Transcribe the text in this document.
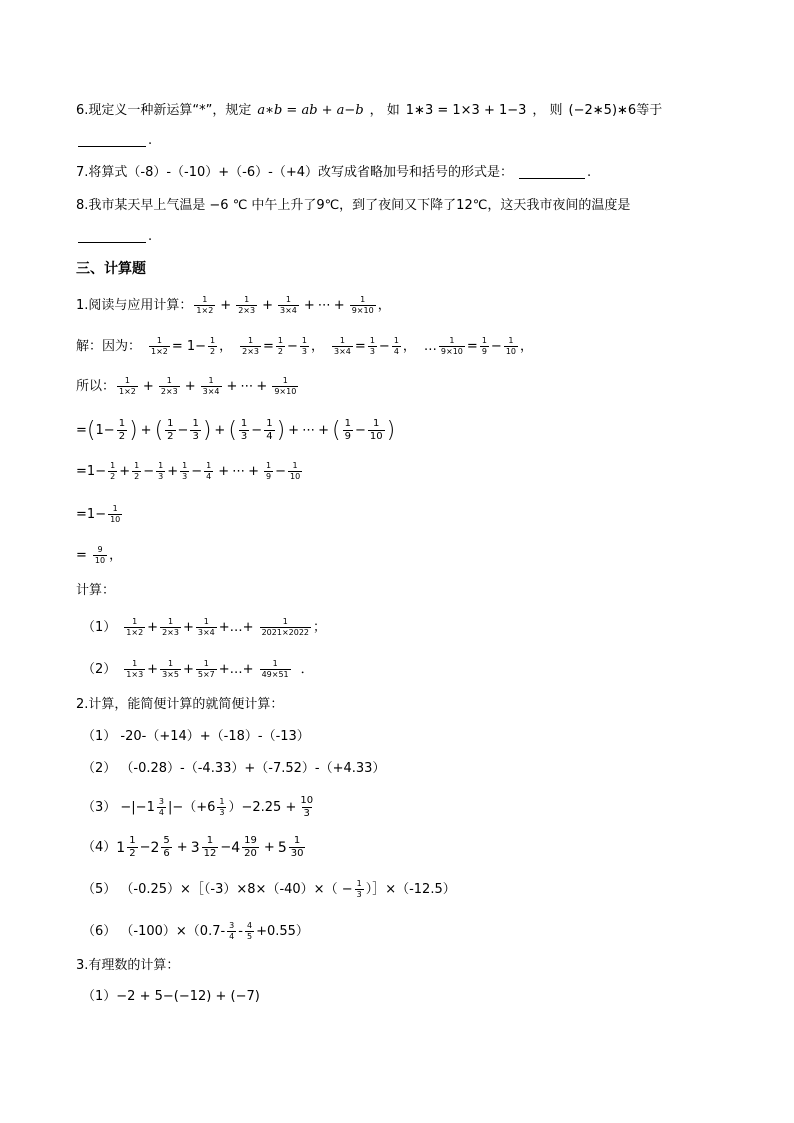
6.现定义一种新运算“*”，规定 a∗b = ab + a−b ， 如 1∗3 = 1×3 + 1−3 ， 则 (−2∗5)∗6 等于
.
7.将算式（-8）-（-10）+（-6）-（+4）改写成省略加号和括号的形式是：	.
8.我市某天早上气温是 −6 ℃ 中午上升了9℃，到了夜间又下降了12℃，这天我市夜间的温度是
.
三、计算题
1.阅读与应用计算： 1
$1\times 2 + \frac{1}{2\times 3} + \frac{1}{3\times 4}$ + ⋯ + $\frac{1}{9\times 10}$ ，
解：因为： $\frac{1}{1\times 2} = 1 - \frac{1}{2}$ ， $\frac{1}{2\times 3} = \frac{1}{2} - \frac{1}{3}$ ， $\frac{1}{3\times 4} = \frac{1}{3} - \frac{1}{4}$ ， … $\frac{1}{9\times 10} = \frac{1}{9} - \frac{1}{10}$ ，
所以： 1
$1\times 2 + \frac{1}{2\times 3} + \frac{1}{3\times 4}$ + ⋯ + $\frac{1}{9\times 10}$
= ( $1 - \frac{1}{2}$ ) + ( 1
$2 - \frac{1}{3}$ ) + ( 1
$3 - \frac{1}{4}$ ) + ⋯ + ( 1
$9 - \frac{1}{10}$ )
= $1 - \frac{1}{2} + \frac{1}{2} - \frac{1}{3} + \frac{1}{3} - \frac{1}{4}$ + ⋯ + $\frac{1}{9} - \frac{1}{10}$
= $1 - \frac{1}{10}$
= $\frac{9}{10}$ ，
计算：
（1） 1
$1\times 2 + \frac{1}{2\times 3} + \frac{1}{3\times 4}$ + … + $\frac{1}{2021\times 2022}$ ；
（2） 1
$1\times 3 + \frac{1}{3\times 5} + \frac{1}{5\times 7}$ + … + $\frac{1}{49\times 51}$ ．
2.计算，能简便计算的就简便计算：
（1） -20-（+14）+（-18）-（-13）
（2） （-0.28）-（-4.33）+（-7.52）-（+4.33）
（3） −|−1 3
4 |−（+6 1
3 ）$-2.25 + \frac{10}{3}$
（4） 1 1
2 − 2 5
6 + 3 1
12 − 4 19
20 + 5 1
30
（5） （-0.25）×［（-3）×8×（-40）×（ − $\frac{1}{3}$ ）］×（-12.5）
（6） （-100）×（0.7- 3
4 - 4
5 +0.55）
3.有理数的计算：
（1）−2 + 5−(−12) + (−7)
